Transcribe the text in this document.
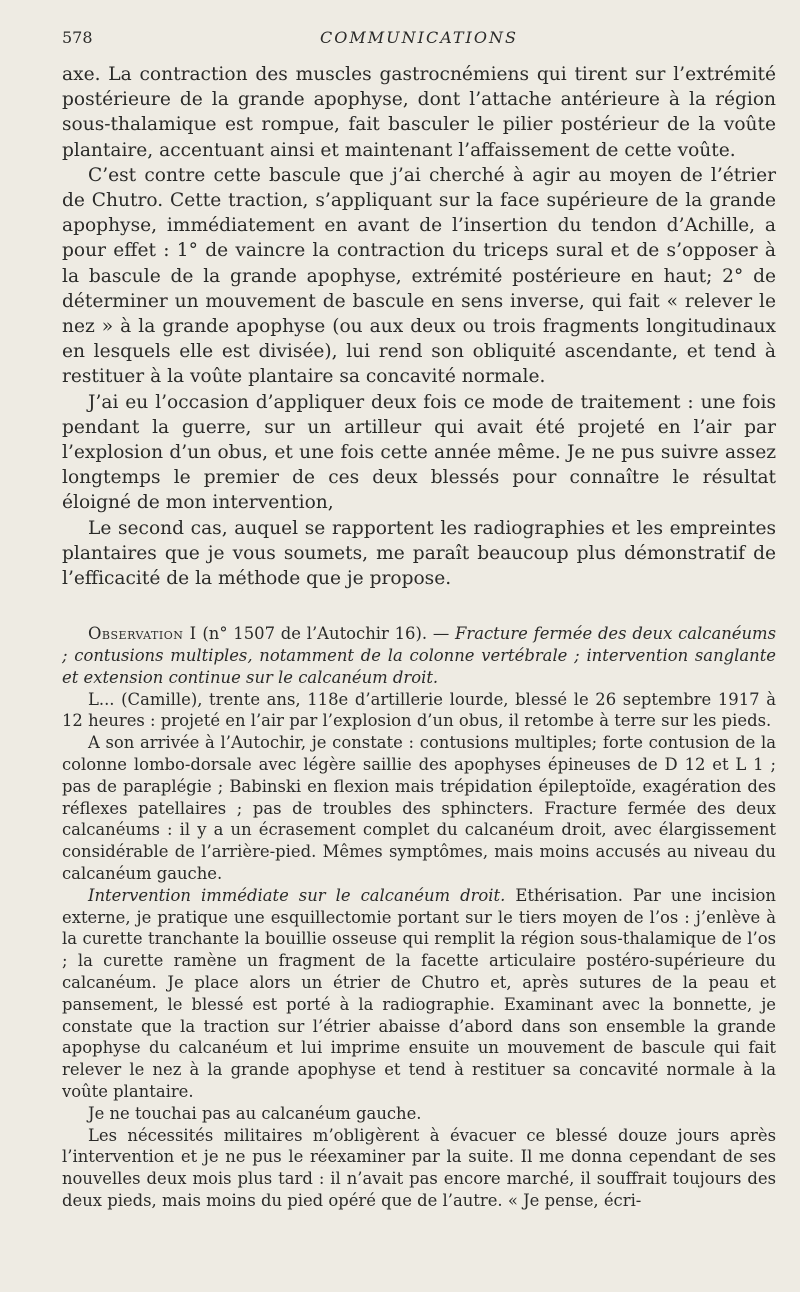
578	COMMUNICATIONS

axe. La contraction des muscles gastrocnémiens qui tirent sur l’extrémité postérieure de la grande apophyse, dont l’attache antérieure à la région sous-thalamique est rompue, fait basculer le pilier postérieur de la voûte plantaire, accentuant ainsi et maintenant l’affaissement de cette voûte.

C’est contre cette bascule que j’ai cherché à agir au moyen de l’étrier de Chutro. Cette traction, s’appliquant sur la face supérieure de la grande apophyse, immédiatement en avant de l’insertion du tendon d’Achille, a pour effet : 1° de vaincre la contraction du triceps sural et de s’opposer à la bascule de la grande apophyse, extrémité postérieure en haut; 2° de déterminer un mouvement de bascule en sens inverse, qui fait « relever le nez » à la grande apophyse (ou aux deux ou trois fragments longitudinaux en lesquels elle est divisée), lui rend son obliquité ascendante, et tend à restituer à la voûte plantaire sa concavité normale.

J’ai eu l’occasion d’appliquer deux fois ce mode de traitement : une fois pendant la guerre, sur un artilleur qui avait été projeté en l’air par l’explosion d’un obus, et une fois cette année même. Je ne pus suivre assez longtemps le premier de ces deux blessés pour connaître le résultat éloigné de mon intervention,

Le second cas, auquel se rapportent les radiographies et les empreintes plantaires que je vous soumets, me paraît beaucoup plus démonstratif de l’efficacité de la méthode que je propose.

Observation I (n° 1507 de l’Autochir 16). — Fracture fermée des deux calcanéums ; contusions multiples, notamment de la colonne vertébrale ; intervention sanglante et extension continue sur le calcanéum droit.

L... (Camille), trente ans, 118e d’artillerie lourde, blessé le 26 septembre 1917 à 12 heures : projeté en l’air par l’explosion d’un obus, il retombe à terre sur les pieds.

A son arrivée à l’Autochir, je constate : contusions multiples; forte contusion de la colonne lombo-dorsale avec légère saillie des apophyses épineuses de D 12 et L 1 ; pas de paraplégie ; Babinski en flexion mais trépidation épileptoïde, exagération des réflexes patellaires ; pas de troubles des sphincters. Fracture fermée des deux calcanéums : il y a un écrasement complet du calcanéum droit, avec élargissement considérable de l’arrière-pied. Mêmes symptômes, mais moins accusés au niveau du calcanéum gauche.

Intervention immédiate sur le calcanéum droit. Ethérisation. Par une incision externe, je pratique une esquillectomie portant sur le tiers moyen de l’os : j’enlève à la curette tranchante la bouillie osseuse qui remplit la région sous-thalamique de l’os ; la curette ramène un fragment de la facette articulaire postéro-supérieure du calcanéum. Je place alors un étrier de Chutro et, après sutures de la peau et pansement, le blessé est porté à la radiographie. Examinant avec la bonnette, je constate que la traction sur l’étrier abaisse d’abord dans son ensemble la grande apophyse du calcanéum et lui imprime ensuite un mouvement de bascule qui fait relever le nez à la grande apophyse et tend à restituer sa concavité normale à la voûte plantaire.

Je ne touchai pas au calcanéum gauche.

Les nécessités militaires m’obligèrent à évacuer ce blessé douze jours après l’intervention et je ne pus le réexaminer par la suite. Il me donna cependant de ses nouvelles deux mois plus tard : il n’avait pas encore marché, il souffrait toujours des deux pieds, mais moins du pied opéré que de l’autre. « Je pense, écri-
